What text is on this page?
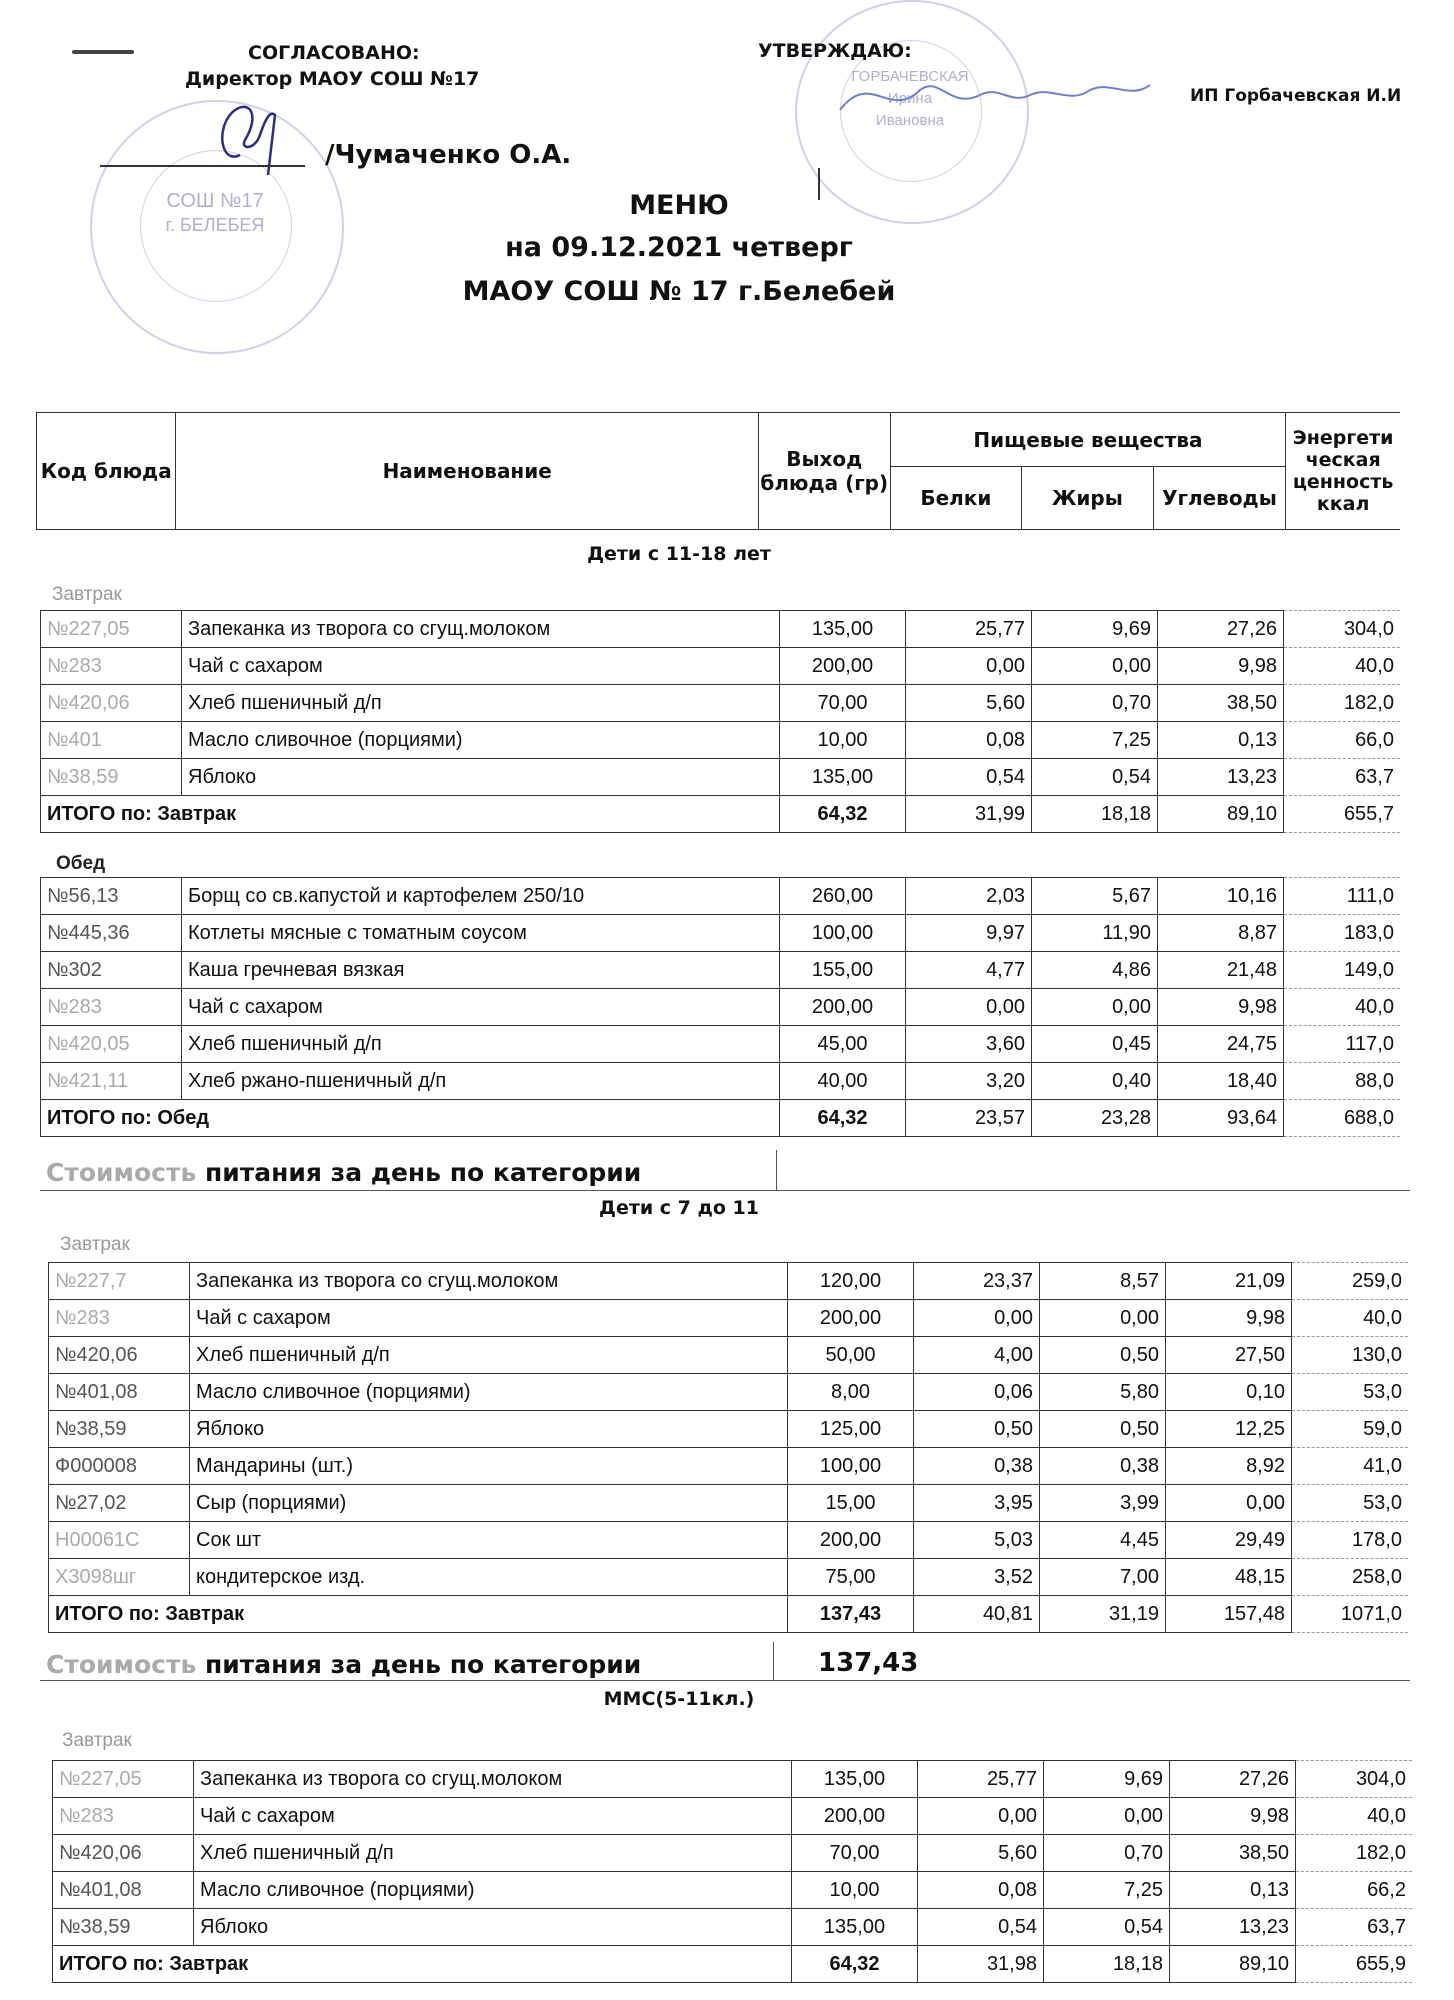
СОШ №17
г. БЕЛЕБЕЯ
ГОРБАЧЕВСКАЯ
Ирина
Ивановна
СОГЛАСОВАНО:
Директор МАОУ СОШ №17
/Чумаченко О.А.
УТВЕРЖДАЮ:
ИП Горбачевская И.И
МЕНЮ
на 09.12.2021 четверг
МАОУ СОШ № 17 г.Белебей
Код блюда	Наименование	Выход блюда (гр)	Пищевые вещества			Энергети ческая ценность ккал
			Белки	Жиры	Углеводы	
Дети с 11-18 лет
Завтрак
№227,05	Запеканка из творога со сгущ.молоком	135,00	25,77	9,69	27,26	304,0
№283	Чай с сахаром	200,00	0,00	0,00	9,98	40,0
№420,06	Хлеб пшеничный д/п	70,00	5,60	0,70	38,50	182,0
№401	Масло сливочное (порциями)	10,00	0,08	7,25	0,13	66,0
№38,59	Яблоко	135,00	0,54	0,54	13,23	63,7
ИТОГО по: Завтрак		64,32	31,99	18,18	89,10	655,7
Обед
№56,13	Борщ со св.капустой и картофелем 250/10	260,00	2,03	5,67	10,16	111,0
№445,36	Котлеты мясные с томатным соусом	100,00	9,97	11,90	8,87	183,0
№302	Каша гречневая вязкая	155,00	4,77	4,86	21,48	149,0
№283	Чай с сахаром	200,00	0,00	0,00	9,98	40,0
№420,05	Хлеб пшеничный д/п	45,00	3,60	0,45	24,75	117,0
№421,11	Хлеб ржано-пшеничный д/п	40,00	3,20	0,40	18,40	88,0
ИТОГО по: Обед		64,32	23,57	23,28	93,64	688,0
Стоимость питания за день по категории
Дети с 7 до 11
Завтрак
№227,7	Запеканка из творога со сгущ.молоком	120,00	23,37	8,57	21,09	259,0
№283	Чай с сахаром	200,00	0,00	0,00	9,98	40,0
№420,06	Хлеб пшеничный д/п	50,00	4,00	0,50	27,50	130,0
№401,08	Масло сливочное (порциями)	8,00	0,06	5,80	0,10	53,0
№38,59	Яблоко	125,00	0,50	0,50	12,25	59,0
Ф000008	Мандарины (шт.)	100,00	0,38	0,38	8,92	41,0
№27,02	Сыр (порциями)	15,00	3,95	3,99	0,00	53,0
Н00061С	Сок шт	200,00	5,03	4,45	29,49	178,0
Х3098шг	кондитерское изд.	75,00	3,52	7,00	48,15	258,0
ИТОГО по: Завтрак		137,43	40,81	31,19	157,48	1071,0
Стоимость питания за день по категории	137,43
ММС(5-11кл.)
Завтрак
№227,05	Запеканка из творога со сгущ.молоком	135,00	25,77	9,69	27,26	304,0
№283	Чай с сахаром	200,00	0,00	0,00	9,98	40,0
№420,06	Хлеб пшеничный д/п	70,00	5,60	0,70	38,50	182,0
№401,08	Масло сливочное (порциями)	10,00	0,08	7,25	0,13	66,2
№38,59	Яблоко	135,00	0,54	0,54	13,23	63,7
ИТОГО по: Завтрак		64,32	31,98	18,18	89,10	655,9
